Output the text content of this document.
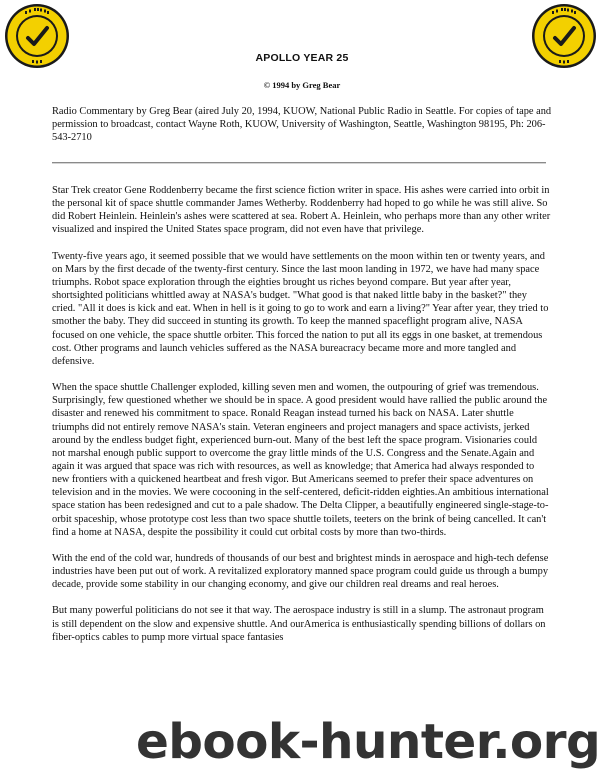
APOLLO YEAR 25
© 1994 by Greg Bear
Radio Commentary by Greg Bear (aired July 20, 1994, KUOW, National Public Radio in Seattle. For copies of tape and permission to broadcast, contact Wayne Roth, KUOW, University of Washington, Seattle, Washington 98195, Ph: 206-543-2710

Star Trek creator Gene Roddenberry became the first science fiction writer in space. His ashes were carried into orbit in the personal kit of space shuttle commander James Wetherby. Roddenberry had hoped to go while he was still alive. So did Robert Heinlein. Heinlein's ashes were scattered at sea. Robert A. Heinlein, who perhaps more than any other writer visualized and inspired the United States space program, did not even have that privilege.

Twenty-five years ago, it seemed possible that we would have settlements on the moon within ten or twenty years, and on Mars by the first decade of the twenty-first century. Since the last moon landing in 1972, we have had many space triumphs. Robot space exploration through the eighties brought us riches beyond compare. But year after year, shortsighted politicians whittled away at NASA's budget. "What good is that naked little baby in the basket?" they cried. "All it does is kick and eat. When in hell is it going to go to work and earn a living?" Year after year, they tried to smother the baby. They did succeed in stunting its growth. To keep the manned spaceflight program alive, NASA focused on one vehicle, the space shuttle orbiter. This forced the nation to put all its eggs in one basket, at tremendous cost. Other programs and launch vehicles suffered as the NASA bureacracy became more and more tangled and defensive.

When the space shuttle Challenger exploded, killing seven men and women, the outpouring of grief was tremendous. Surprisingly, few questioned whether we should be in space. A good president would have rallied the public around the disaster and renewed his commitment to space. Ronald Reagan instead turned his back on NASA. Later shuttle triumphs did not entirely remove NASA's stain. Veteran engineers and project managers and space activists, jerked around by the endless budget fight, experienced burn-out. Many of the best left the space program. Visionaries could not marshal enough public support to overcome the gray little minds of the U.S. Congress and the Senate.Again and again it was argued that space was rich with resources, as well as knowledge; that America had always responded to new frontiers with a quickened heartbeat and fresh vigor. But Americans seemed to prefer their space adventures on television and in the movies. We were cocooning in the self-centered, deficit-ridden eighties.An ambitious international space station has been redesigned and cut to a pale shadow. The Delta Clipper, a beautifully engineered single-stage-to-orbit spaceship, whose prototype cost less than two space shuttle toilets, teeters on the brink of being cancelled. It can't find a home at NASA, despite the possibility it could cut orbital costs by more than two-thirds.

With the end of the cold war, hundreds of thousands of our best and brightest minds in aerospace and high-tech defense industries have been put out of work. A revitalized exploratory manned space program could guide us through a bumpy decade, provide some stability in our changing economy, and give our children real dreams and real heroes.

But many powerful politicians do not see it that way. The aerospace industry is still in a slump. The astronaut program is still dependent on the slow and expensive shuttle. And ourAmerica is enthusiastically spending billions of dollars on fiber-optics cables to pump more virtual space fantasies

ebook-hunter.org
